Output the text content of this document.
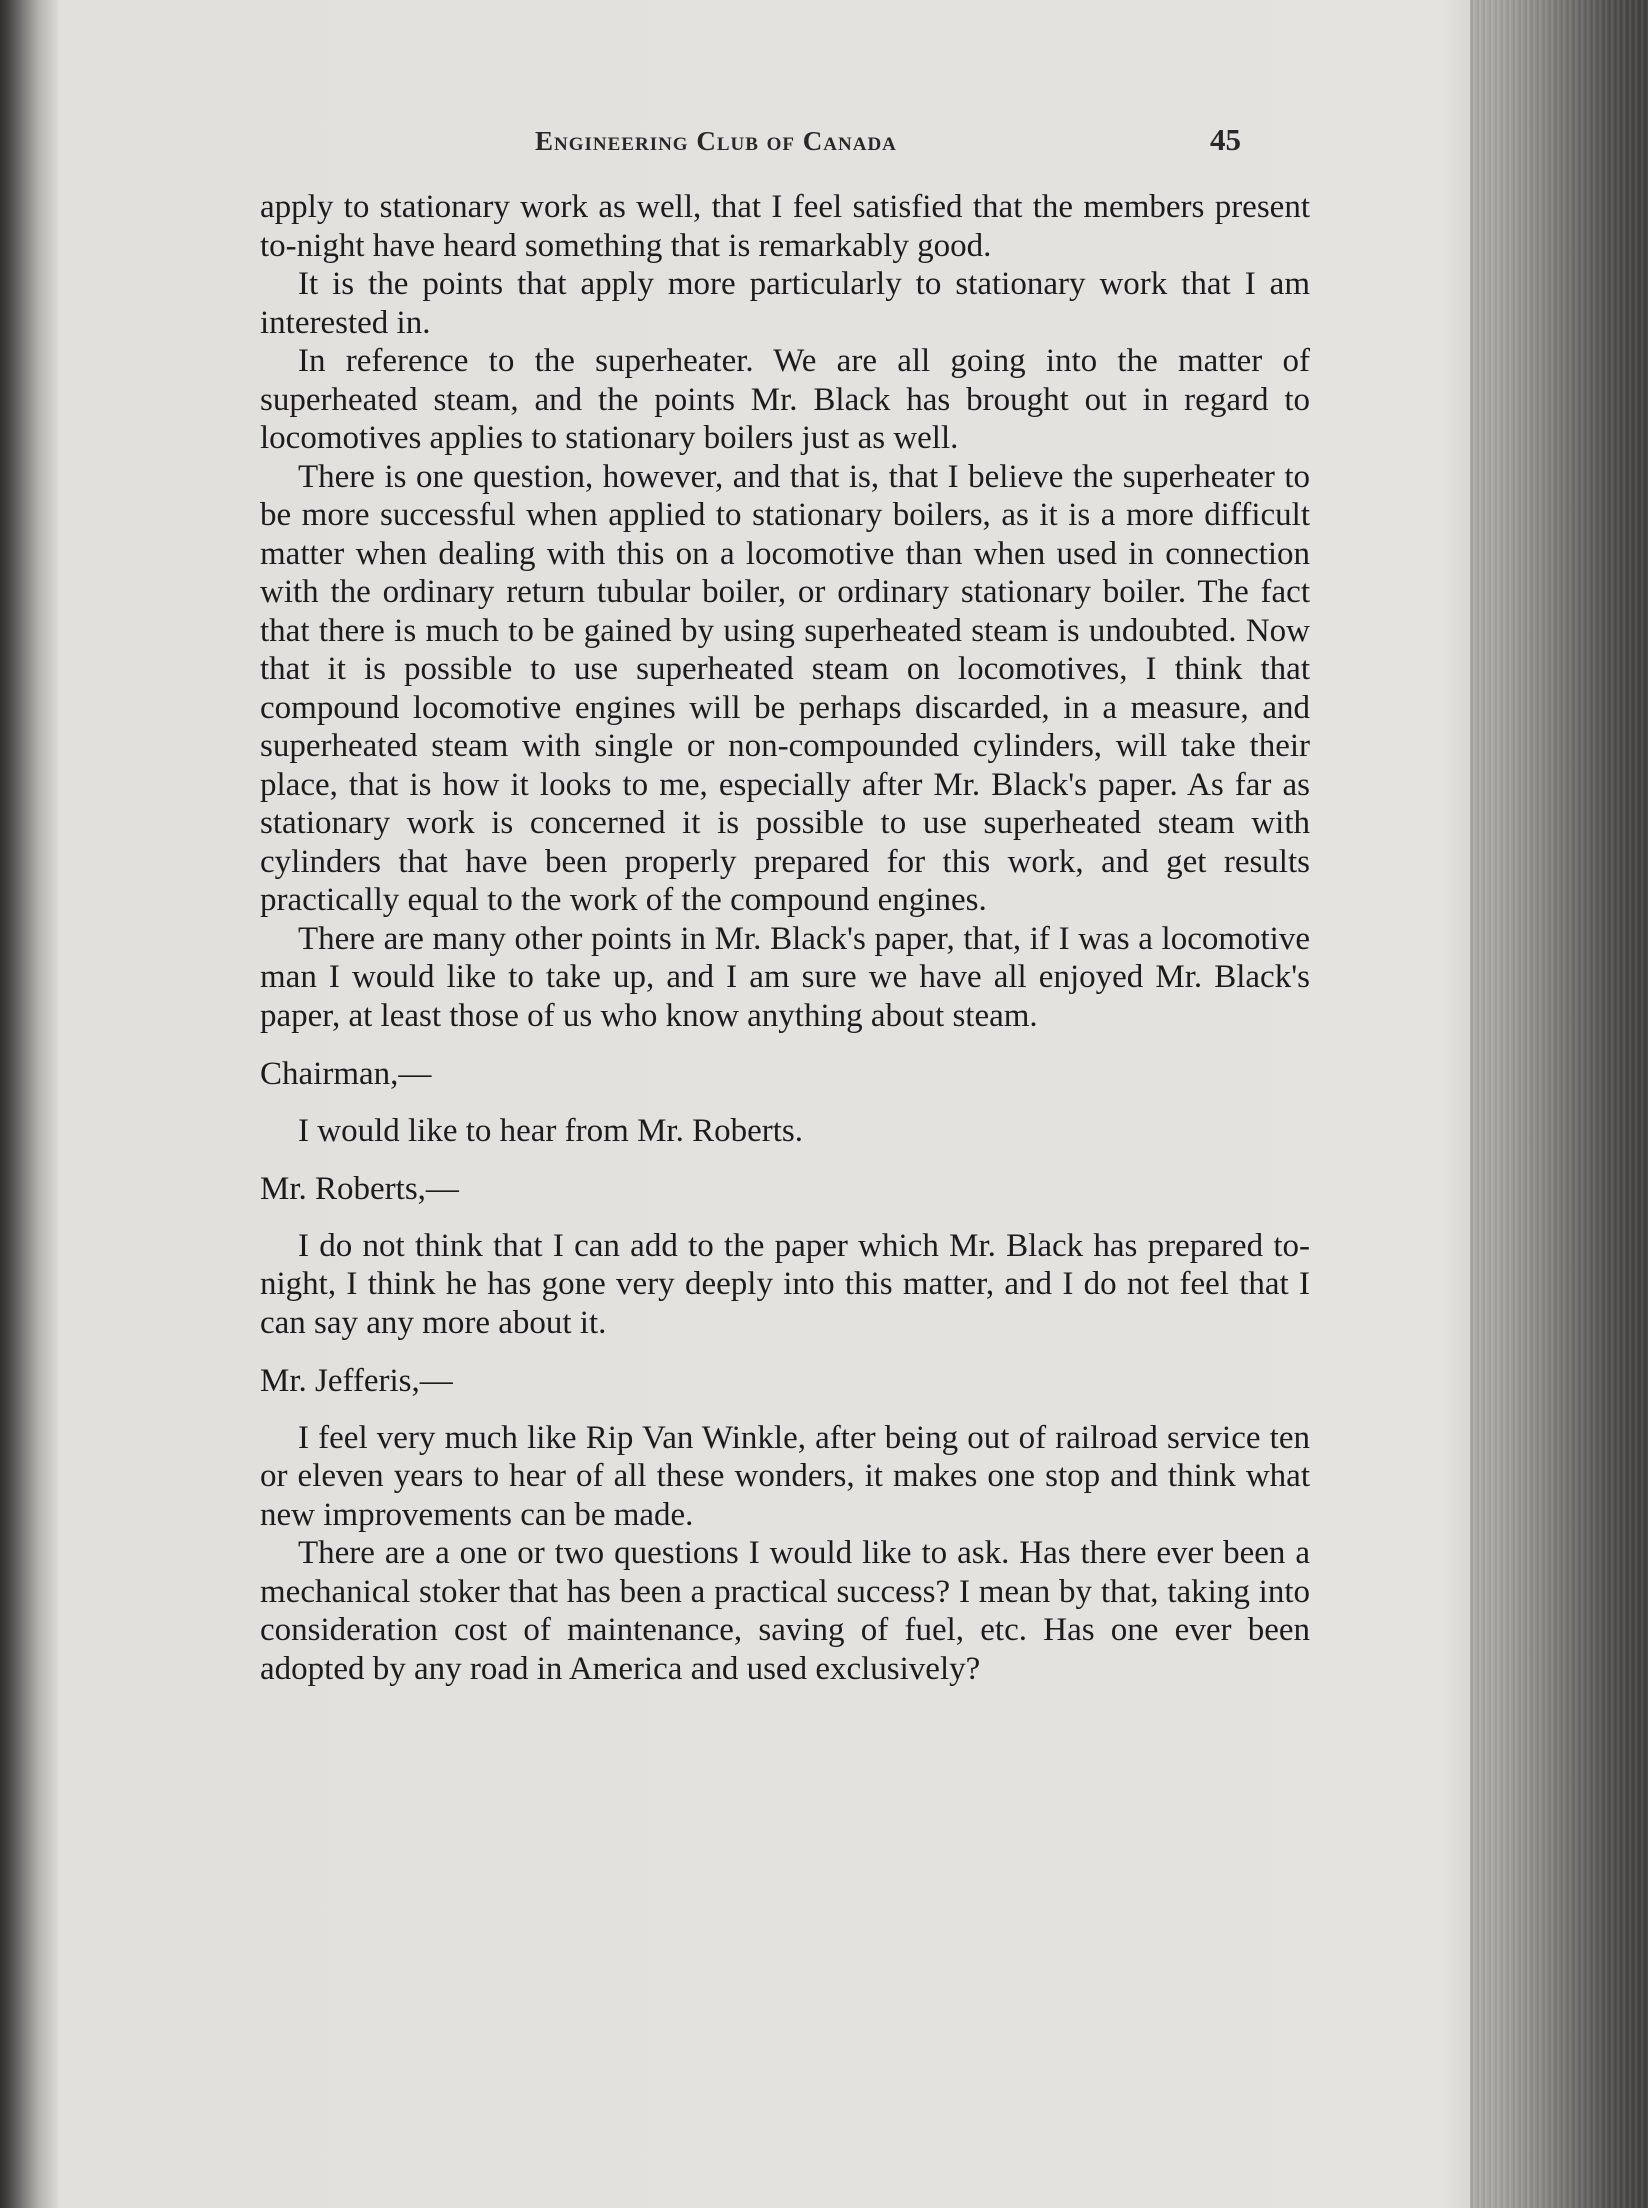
Engineering Club of Canada	45

apply to stationary work as well, that I feel satisfied that the members present to-night have heard something that is remarkably good.

It is the points that apply more particularly to stationary work that I am interested in.

In reference to the superheater. We are all going into the matter of superheated steam, and the points Mr. Black has brought out in regard to locomotives applies to stationary boilers just as well.

There is one question, however, and that is, that I believe the superheater to be more successful when applied to stationary boilers, as it is a more difficult matter when dealing with this on a locomotive than when used in connection with the ordinary return tubular boiler, or ordinary stationary boiler. The fact that there is much to be gained by using superheated steam is undoubted. Now that it is possible to use superheated steam on locomotives, I think that compound locomotive engines will be perhaps discarded, in a measure, and superheated steam with single or non-compounded cylinders, will take their place, that is how it looks to me, especially after Mr. Black's paper. As far as stationary work is concerned it is possible to use superheated steam with cylinders that have been properly prepared for this work, and get results practically equal to the work of the compound engines.

There are many other points in Mr. Black's paper, that, if I was a locomotive man I would like to take up, and I am sure we have all enjoyed Mr. Black's paper, at least those of us who know anything about steam.

Chairman,—

I would like to hear from Mr. Roberts.

Mr. Roberts,—

I do not think that I can add to the paper which Mr. Black has prepared to-night, I think he has gone very deeply into this matter, and I do not feel that I can say any more about it.

Mr. Jefferis,—

I feel very much like Rip Van Winkle, after being out of railroad service ten or eleven years to hear of all these wonders, it makes one stop and think what new improvements can be made.

There are a one or two questions I would like to ask. Has there ever been a mechanical stoker that has been a practical success? I mean by that, taking into consideration cost of maintenance, saving of fuel, etc. Has one ever been adopted by any road in America and used exclusively?
